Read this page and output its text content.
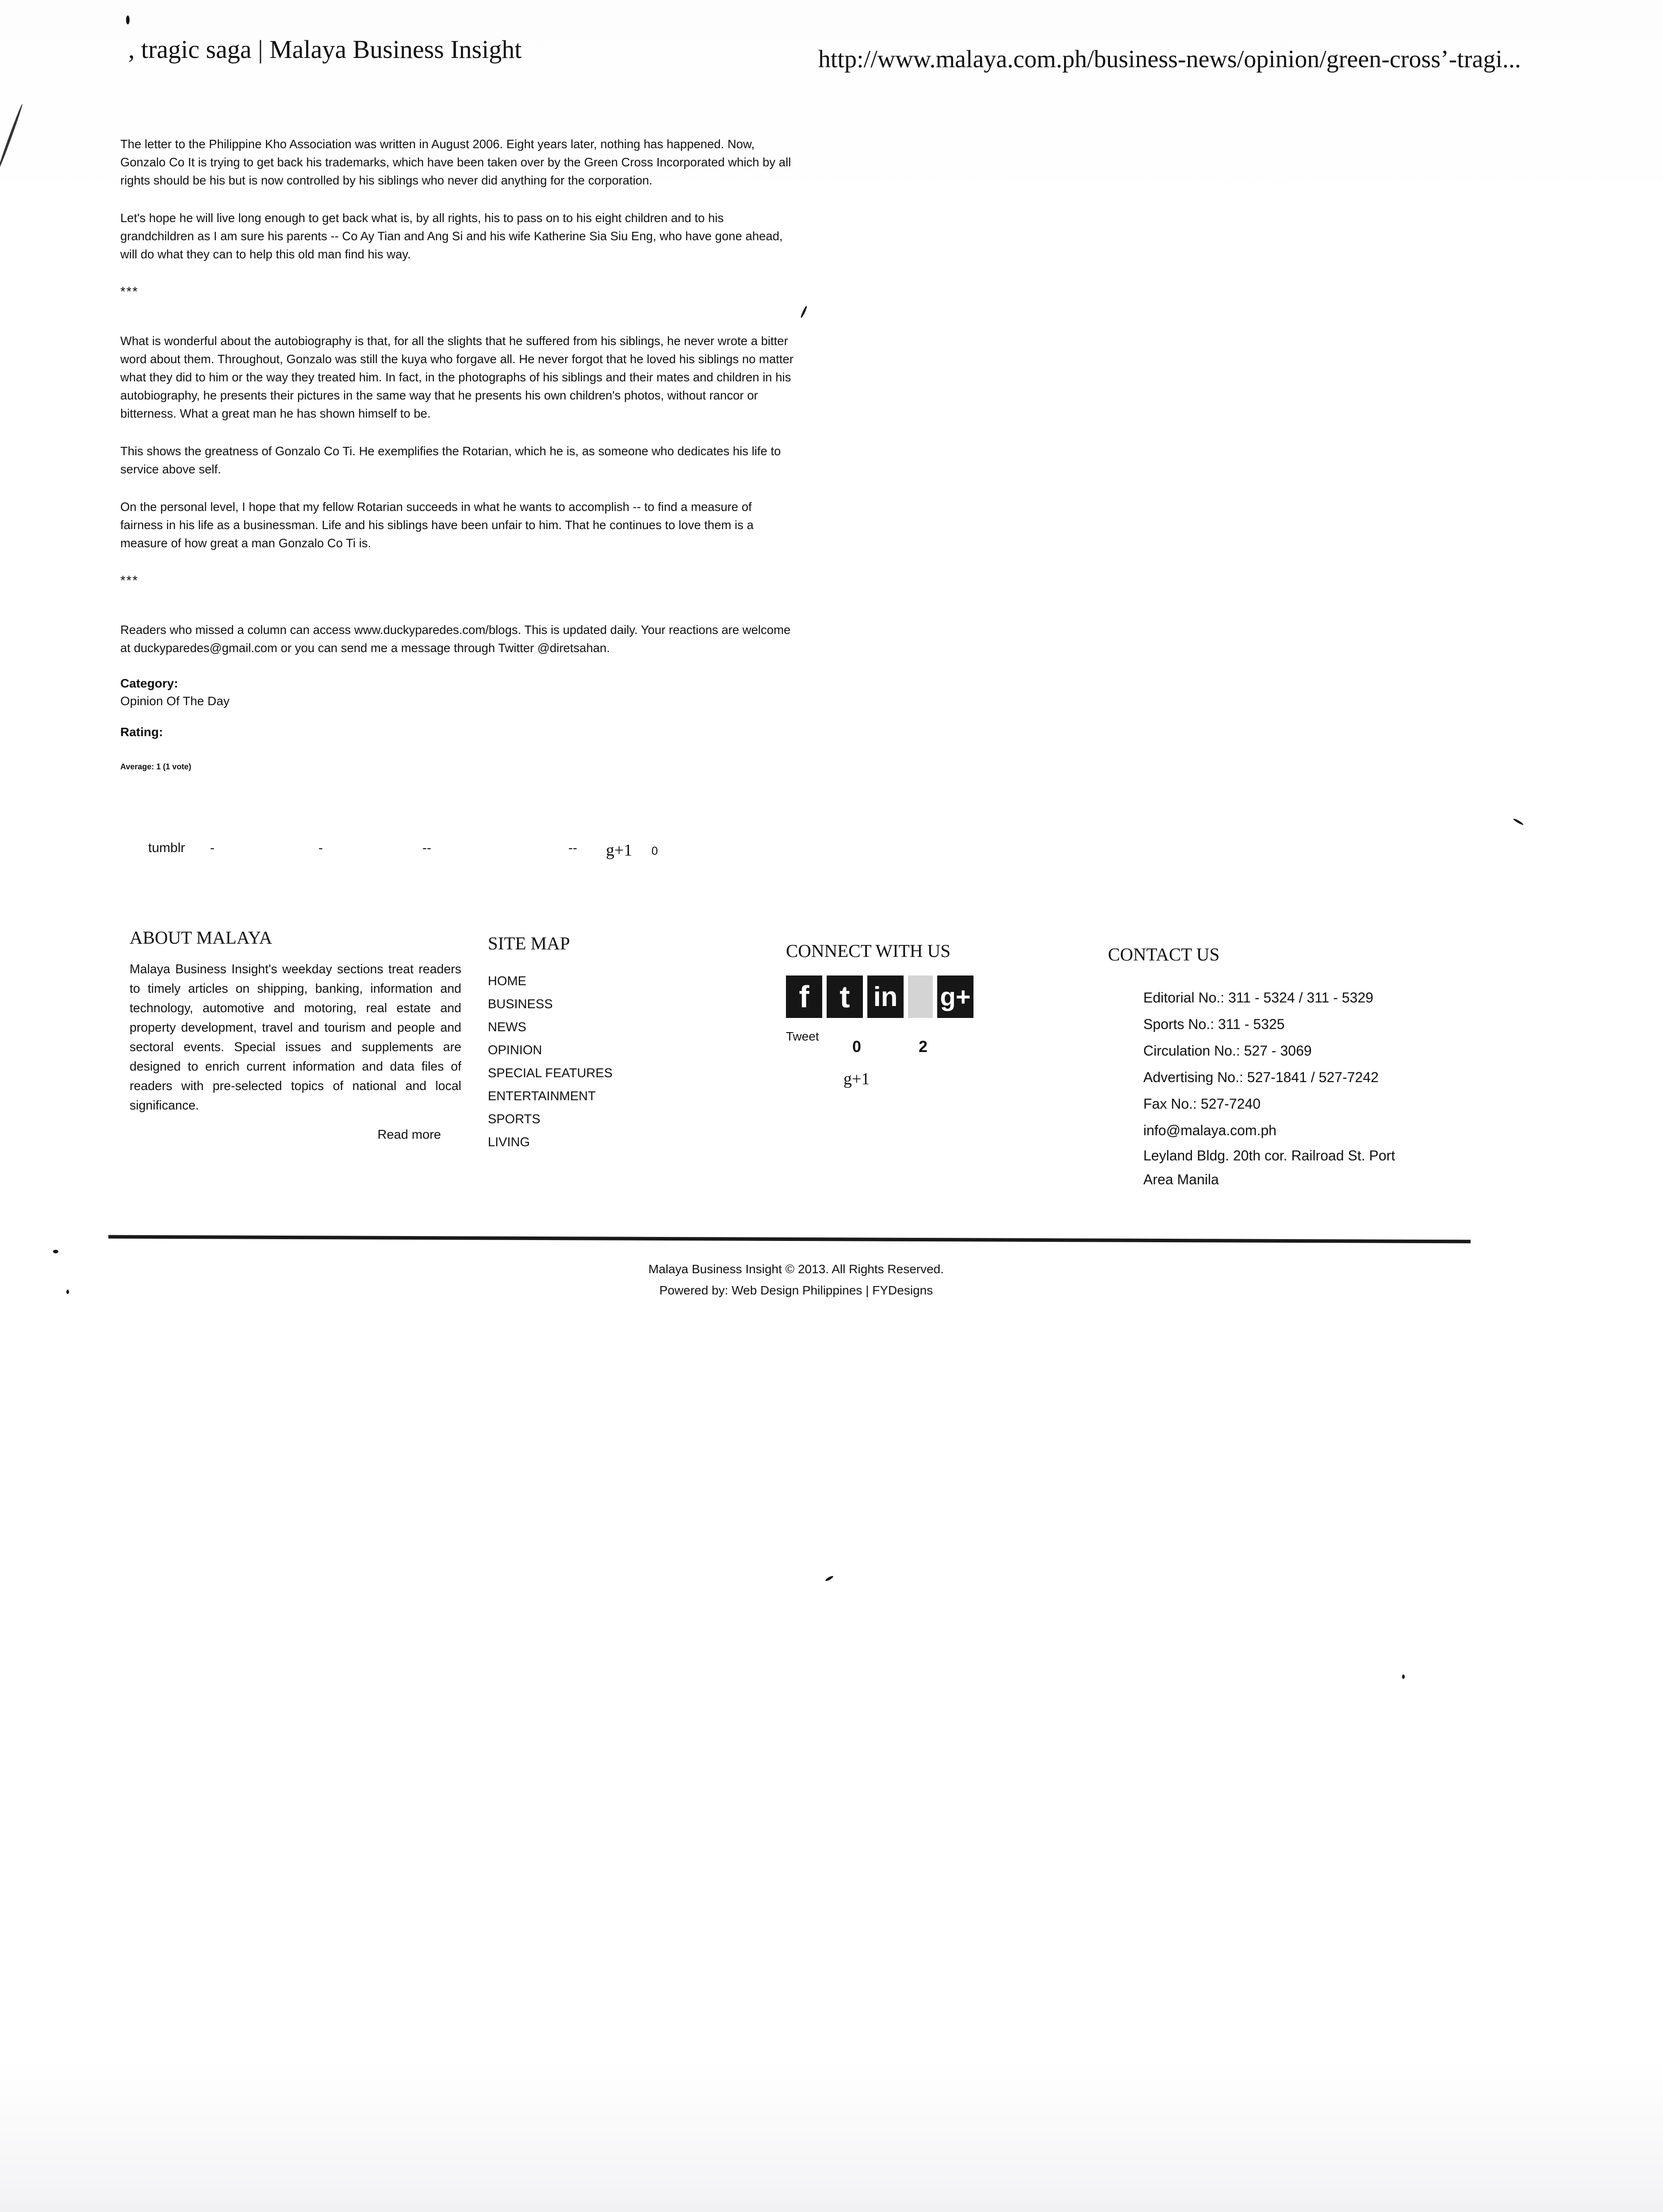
, tragic saga | Malaya Business Insight	http://www.malaya.com.ph/business-news/opinion/green-cross’-tragi...

The letter to the Philippine Kho Association was written in August 2006. Eight years later, nothing has happened. Now, Gonzalo Co It is trying to get back his trademarks, which have been taken over by the Green Cross Incorporated which by all rights should be his but is now controlled by his siblings who never did anything for the corporation.

Let's hope he will live long enough to get back what is, by all rights, his to pass on to his eight children and to his grandchildren as I am sure his parents -- Co Ay Tian and Ang Si and his wife Katherine Sia Siu Eng, who have gone ahead, will do what they can to help this old man find his way.

***

What is wonderful about the autobiography is that, for all the slights that he suffered from his siblings, he never wrote a bitter word about them. Throughout, Gonzalo was still the kuya who forgave all. He never forgot that he loved his siblings no matter what they did to him or the way they treated him. In fact, in the photographs of his siblings and their mates and children in his autobiography, he presents their pictures in the same way that he presents his own children's photos, without rancor or bitterness. What a great man he has shown himself to be.

This shows the greatness of Gonzalo Co Ti. He exemplifies the Rotarian, which he is, as someone who dedicates his life to service above self.

On the personal level, I hope that my fellow Rotarian succeeds in what he wants to accomplish -- to find a measure of fairness in his life as a businessman. Life and his siblings have been unfair to him. That he continues to love them is a measure of how great a man Gonzalo Co Ti is.

***

Readers who missed a column can access www.duckyparedes.com/blogs. This is updated daily. Your reactions are welcome at duckyparedes@gmail.com or you can send me a message through Twitter @diretsahan.

Category:
Opinion Of The Day
Rating:
Average: 1 (1 vote)
tumblr -	-	--	-- g+1 0
ABOUT MALAYA
Malaya Business Insight's weekday sections treat readers to timely articles on shipping, banking, information and technology, automotive and motoring, real estate and property development, travel and tourism and people and sectoral events. Special issues and supplements are designed to enrich current information and data files of readers with pre-selected topics of national and local significance.
Read more
SITE MAP
HOME
BUSINESS
NEWS
OPINION
SPECIAL FEATURES
ENTERTAINMENT
SPORTS
LIVING
CONNECT WITH US
f t in g+
Tweet
0	2
g+1
CONTACT US
Editorial No.: 311 - 5324 / 311 - 5329
Sports No.: 311 - 5325
Circulation No.: 527 - 3069
Advertising No.: 527-1841 / 527-7242
Fax No.: 527-7240
info@malaya.com.ph
Leyland Bldg. 20th cor. Railroad St. Port Area Manila
Malaya Business Insight © 2013. All Rights Reserved.
Powered by: Web Design Philippines | FYDesigns
